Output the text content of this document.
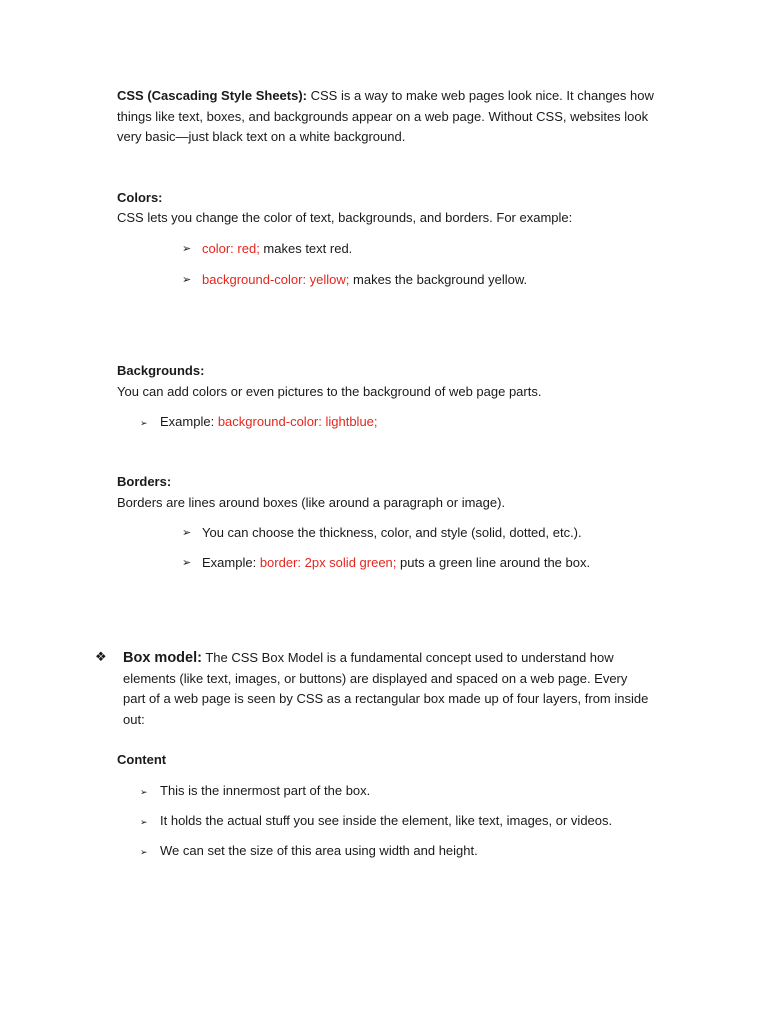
CSS (Cascading Style Sheets): CSS is a way to make web pages look nice. It changes how things like text, boxes, and backgrounds appear on a web page. Without CSS, websites look very basic—just black text on a white background.
Colors:
CSS lets you change the color of text, backgrounds, and borders. For example:
➢ color: red; makes text red.
➢ background-color: yellow; makes the background yellow.
Backgrounds:
You can add colors or even pictures to the background of web page parts.
➢ Example: background-color: lightblue;
Borders:
Borders are lines around boxes (like around a paragraph or image).
➢ You can choose the thickness, color, and style (solid, dotted, etc.).
➢ Example: border: 2px solid green; puts a green line around the box.
❖ Box model: The CSS Box Model is a fundamental concept used to understand how elements (like text, images, or buttons) are displayed and spaced on a web page. Every part of a web page is seen by CSS as a rectangular box made up of four layers, from inside out:
Content
➢ This is the innermost part of the box.
➢ It holds the actual stuff you see inside the element, like text, images, or videos.
➢ We can set the size of this area using width and height.
